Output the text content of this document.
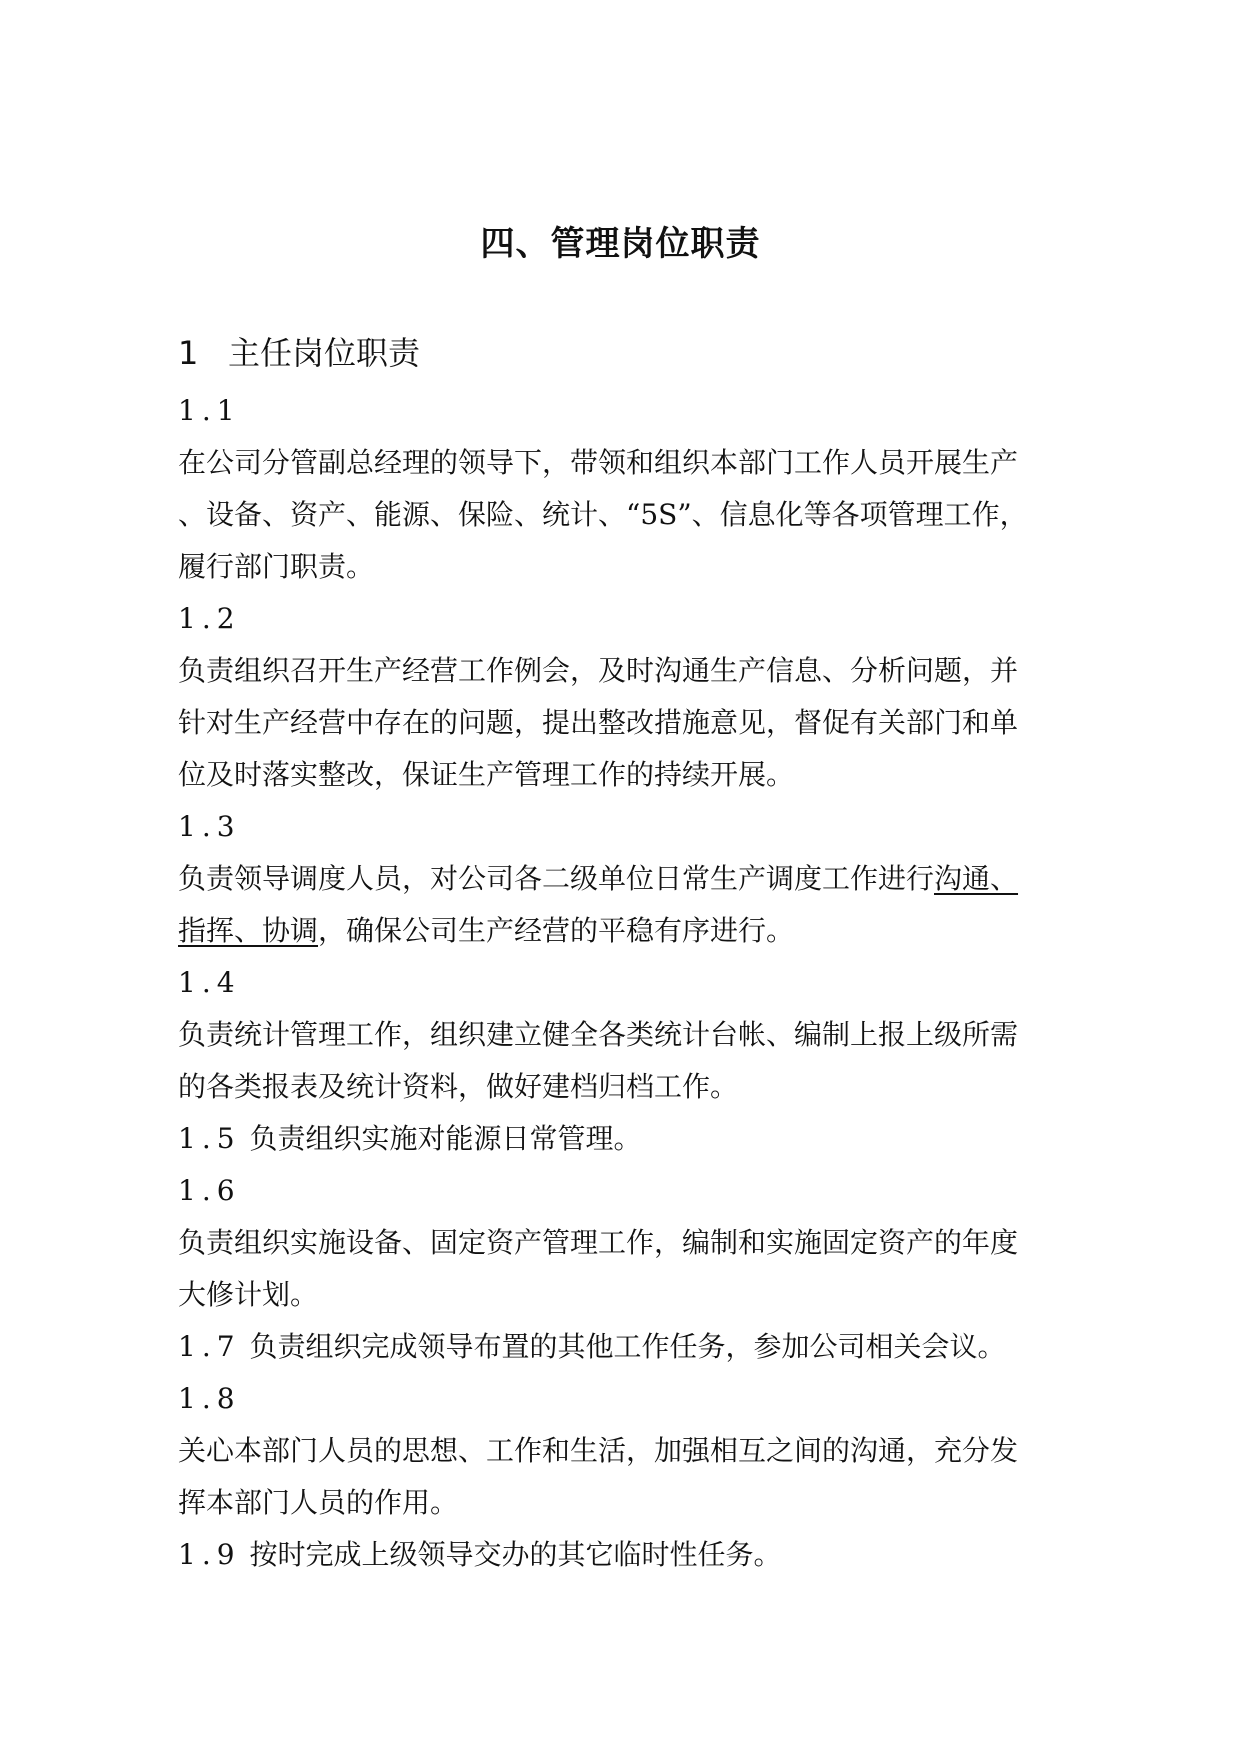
四、管理岗位职责
1 主任岗位职责
1.1
在公司分管副总经理的领导下，带领和组织本部门工作人员开展生产
、设备、资产、能源、保险、统计、“5S”、信息化等各项管理工作，
履行部门职责。
1.2
负责组织召开生产经营工作例会，及时沟通生产信息、分析问题，并
针对生产经营中存在的问题，提出整改措施意见，督促有关部门和单
位及时落实整改，保证生产管理工作的持续开展。
1.3
负责领导调度人员，对公司各二级单位日常生产调度工作进行沟通、
指挥、协调，确保公司生产经营的平稳有序进行。
1.4
负责统计管理工作，组织建立健全各类统计台帐、编制上报上级所需
的各类报表及统计资料，做好建档归档工作。
1.5 负责组织实施对能源日常管理。
1.6
负责组织实施设备、固定资产管理工作，编制和实施固定资产的年度
大修计划。
1.7 负责组织完成领导布置的其他工作任务，参加公司相关会议。
1.8
关心本部门人员的思想、工作和生活，加强相互之间的沟通，充分发
挥本部门人员的作用。
1.9 按时完成上级领导交办的其它临时性任务。
